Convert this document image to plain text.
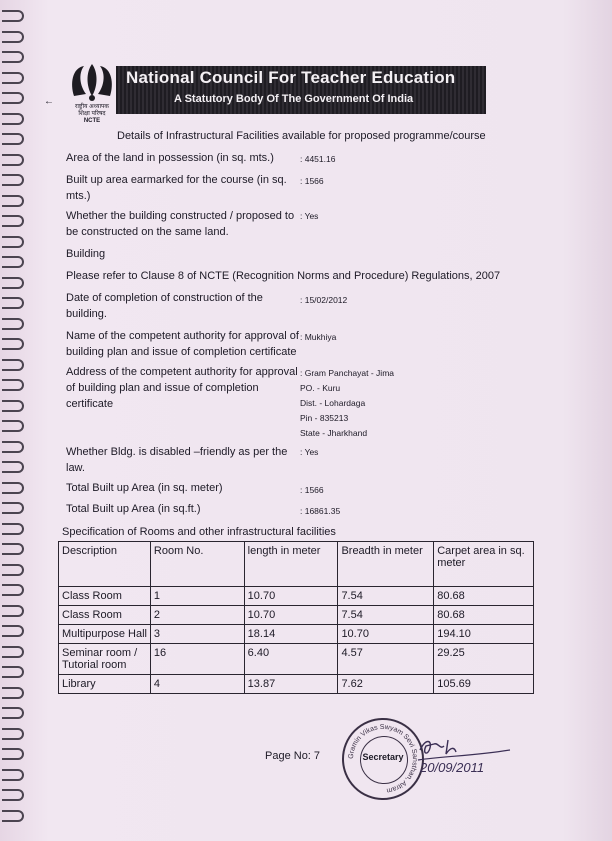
राष्ट्रीय अध्यापक शिक्षा परिषद
NCTE
National Council For Teacher Education
A Statutory Body Of The Government Of India
←
Details of Infrastructural Facilities available for proposed programme/course
Area of the land in possession (in sq. mts.)	: 4451.16
Built up area earmarked for the course (in sq. mts.)
: 1566
Whether the building constructed / proposed to be constructed on the same land.
: Yes
Building
Please refer to Clause 8 of NCTE (Recognition Norms and Procedure) Regulations, 2007
Date of completion of construction of the building.
: 15/02/2012
Name of the competent authority for approval of building plan and issue of completion certificate
: Mukhiya
Address of the competent authority for approval of building plan and issue of completion certificate
: Gram Panchayat - Jima
PO. - Kuru
Dist. - Lohardaga
Pin - 835213
State - Jharkhand
Whether Bldg. is disabled –friendly as per the law.
: Yes
Total Built up Area (in sq. meter)	: 1566
Total Built up Area (in sq.ft.)	: 16861.35
Specification of Rooms and other infrastructural facilities
Description	Room No.	length in meter	Breadth in meter	Carpet area in sq. meter
Class Room	1	10.70	7.54	80.68
Class Room	2	10.70	7.54	80.68
Multipurpose Hall	3	18.14	10.70	194.10
Seminar room / Tutorial room	16	6.40	4.57	29.25
Library	4	13.87	7.62	105.69
Page No: 7	Gramin Vikas Swyam Sevi Sansthan, Aitram
Secretary
20/09/2011
